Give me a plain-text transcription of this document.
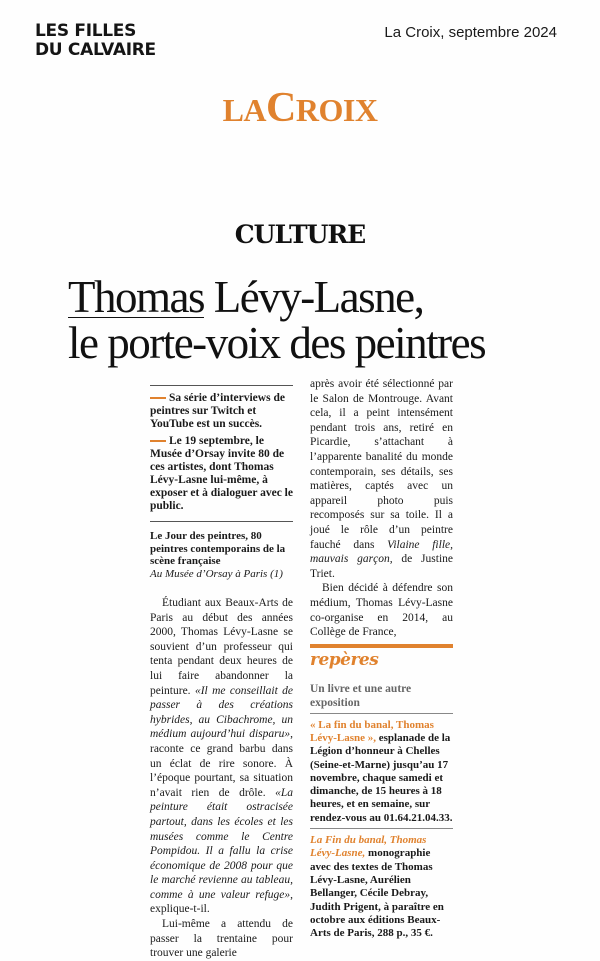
LES FILLES
DU CALVAIRE
La Croix, septembre 2024
LACROIX
CULTURE
Thomas Lévy-Lasne,
le porte-voix des peintres

Sa série d’interviews de peintres sur Twitch et YouTube est un succès.

Le 19 septembre, le Musée d’Orsay invite 80 de ces artistes, dont Thomas Lévy-Lasne lui-même, à exposer et à dialoguer avec le public.

Le Jour des peintres, 80 peintres contemporains de la scène française
Au Musée d’Orsay à Paris (1)

Étudiant aux Beaux-Arts de Paris au début des années 2000, Thomas Lévy-Lasne se souvient d’un professeur qui tenta pendant deux heures de lui faire abandonner la peinture. «Il me conseillait de passer à des créations hybrides, au Cibachrome, un médium aujourd’hui disparu», raconte ce grand barbu dans un éclat de rire sonore. À l’époque pourtant, sa situation n’avait rien de drôle. «La peinture était ostracisée partout, dans les écoles et les musées comme le Centre Pompidou. Il a fallu la crise économique de 2008 pour que le marché revienne au tableau, comme à une valeur refuge», explique-t-il.

Lui-même a attendu de passer la trentaine pour trouver une galerie

après avoir été sélectionné par le Salon de Montrouge. Avant cela, il a peint intensément pendant trois ans, retiré en Picardie, s’attachant à l’apparente banalité du monde contemporain, ses détails, ses matières, captés avec un appareil photo puis recomposés sur sa toile. Il a joué le rôle d’un peintre fauché dans Vilaine fille, mauvais garçon, de Justine Triet.

Bien décidé à défendre son médium, Thomas Lévy-Lasne co-organise en 2014, au Collège de France,

repères
Un livre et une autre exposition
« La fin du banal, Thomas Lévy-Lasne », esplanade de la Légion d’honneur à Chelles (Seine-et-Marne) jusqu’au 17 novembre, chaque samedi et dimanche, de 15 heures à 18 heures, et en semaine, sur rendez-vous au 01.64.21.04.33.
La Fin du banal, Thomas Lévy-Lasne, monographie avec des textes de Thomas Lévy-Lasne, Aurélien Bellanger, Cécile Debray, Judith Prigent, à paraître en octobre aux éditions Beaux-Arts de Paris, 288 p., 35 €.
